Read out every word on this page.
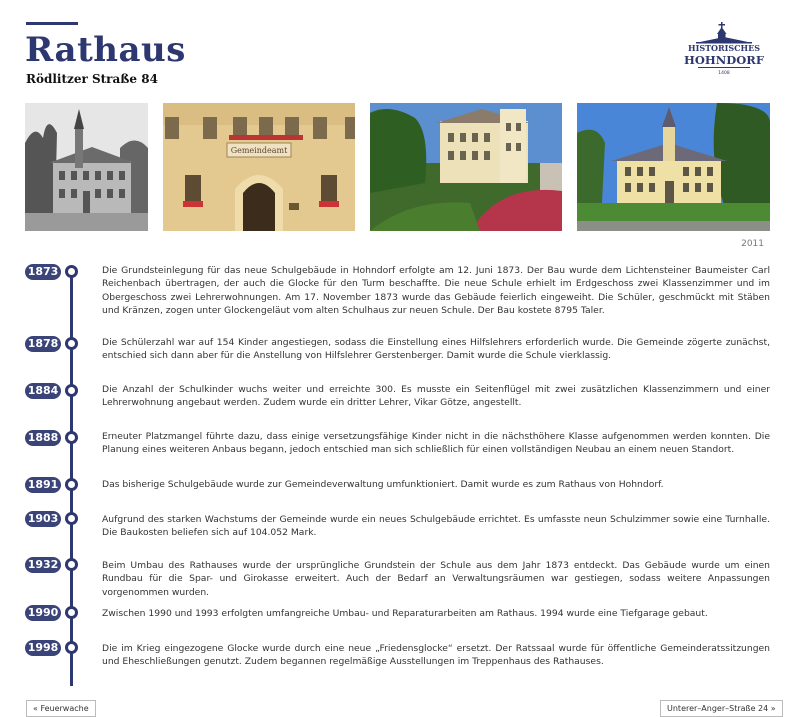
Rathaus
Rödlitzer Straße 84
HISTORISCHES
HOHNDORF
1408
Gemeindeamt
2011
1873	Die Grundsteinlegung für das neue Schulgebäude in Hohndorf erfolgte am 12. Juni 1873. Der Bau wurde dem Lichtensteiner Baumeister Carl Reichenbach übertragen, der auch die Glocke für den Turm beschaffte. Die neue Schule erhielt im Erdgeschoss zwei Klassenzimmer und im Obergeschoss zwei Lehrerwohnungen. Am 17. November 1873 wurde das Gebäude feierlich eingeweiht. Die Schüler, geschmückt mit Stäben und Kränzen, zogen unter Glockengeläut vom alten Schulhaus zur neuen Schule. Der Bau kostete 8795 Taler.
1878	Die Schülerzahl war auf 154 Kinder angestiegen, sodass die Einstellung eines Hilfslehrers erforderlich wurde. Die Gemeinde zögerte zunächst, entschied sich dann aber für die Anstellung von Hilfslehrer Gerstenberger. Damit wurde die Schule vierklassig.
1884	Die Anzahl der Schulkinder wuchs weiter und erreichte 300. Es musste ein Seitenflügel mit zwei zusätzlichen Klassenzimmern und einer Lehrerwohnung angebaut werden. Zudem wurde ein dritter Lehrer, Vikar Götze, angestellt.
1888	Erneuter Platzmangel führte dazu, dass einige versetzungsfähige Kinder nicht in die nächsthöhere Klasse aufgenommen werden konnten. Die Planung eines weiteren Anbaus begann, jedoch entschied man sich schließlich für einen vollständigen Neubau an einem neuen Standort.
1891	Das bisherige Schulgebäude wurde zur Gemeindeverwaltung umfunktioniert. Damit wurde es zum Rathaus von Hohndorf.
1903	Aufgrund des starken Wachstums der Gemeinde wurde ein neues Schulgebäude errichtet. Es umfasste neun Schulzimmer sowie eine Turnhalle. Die Baukosten beliefen sich auf 104.052 Mark.
1932	Beim Umbau des Rathauses wurde der ursprüngliche Grundstein der Schule aus dem Jahr 1873 entdeckt. Das Gebäude wurde um einen Rundbau für die Spar- und Girokasse erweitert. Auch der Bedarf an Verwaltungsräumen war gestiegen, sodass weitere Anpassungen vorgenommen wurden.
1990	Zwischen 1990 und 1993 erfolgten umfangreiche Umbau- und Reparaturarbeiten am Rathaus. 1994 wurde eine Tiefgarage gebaut.
1998	Die im Krieg eingezogene Glocke wurde durch eine neue „Friedensglocke“ ersetzt. Der Ratssaal wurde für öffentliche Gemeinderatssitzungen und Eheschließungen genutzt. Zudem begannen regelmäßige Ausstellungen im Treppenhaus des Rathauses.
« Feuerwache	Unterer–Anger–Straße 24 »
